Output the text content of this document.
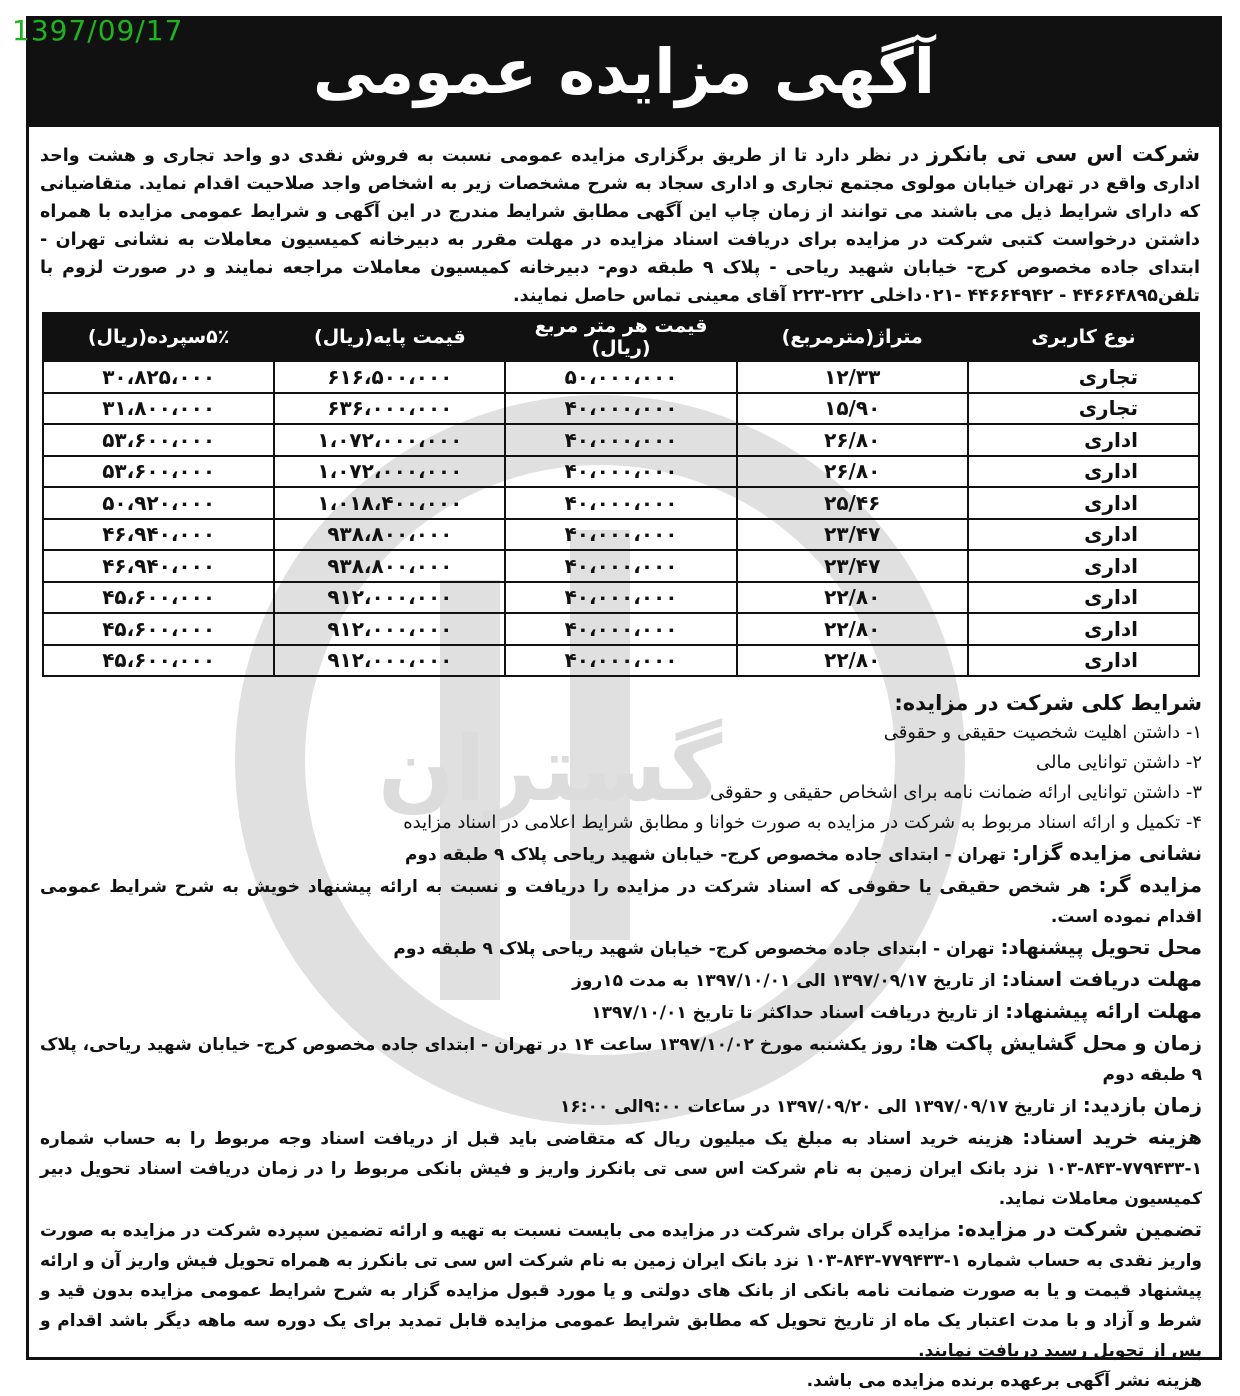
1397/09/17
آگهی مزایده عمومی
گستران
شرکت اس سی تی بانکرز در نظر دارد تا از طریق برگزاری مزایده عمومی نسبت به فروش نقدی دو واحد تجاری و هشت واحد اداری واقع در تهران خیابان مولوی مجتمع تجاری و اداری سجاد به شرح مشخصات زیر به اشخاص واجد صلاحیت اقدام نماید. متقاضیانی که دارای شرایط ذیل می باشند می توانند از زمان چاپ این آگهی مطابق شرایط مندرج در این آگهی و شرایط عمومی مزایده با همراه داشتن درخواست کتبی شرکت در مزایده برای دریافت اسناد مزایده در مهلت مقرر به دبیرخانه کمیسیون معاملات به نشانی تهران - ابتدای جاده مخصوص کرج- خیابان شهید ریاحی - پلاک ۹ طبقه دوم- دبیرخانه کمیسیون معاملات مراجعه نمایند و در صورت لزوم با تلفن۴۴۶۶۴۸۹۵ - ۴۴۶۶۴۹۴۲ -۰۲۱داخلی ۲۲۲-۲۲۳ آقای معینی تماس حاصل نمایند.
نوع کاربری	متراژ(مترمربع)	قیمت هر متر مربع (ریال)	قیمت پایه(ریال)	۵٪سپرده(ریال)
تجاری	۱۲/۳۳	۵۰،۰۰۰،۰۰۰	۶۱۶،۵۰۰،۰۰۰	۳۰،۸۲۵،۰۰۰
تجاری	۱۵/۹۰	۴۰،۰۰۰،۰۰۰	۶۳۶،۰۰۰،۰۰۰	۳۱،۸۰۰،۰۰۰
اداری	۲۶/۸۰	۴۰،۰۰۰،۰۰۰	۱،۰۷۲،۰۰۰،۰۰۰	۵۳،۶۰۰،۰۰۰
اداری	۲۶/۸۰	۴۰،۰۰۰،۰۰۰	۱،۰۷۲،۰۰۰،۰۰۰	۵۳،۶۰۰،۰۰۰
اداری	۲۵/۴۶	۴۰،۰۰۰،۰۰۰	۱،۰۱۸،۴۰۰،۰۰۰	۵۰،۹۲۰،۰۰۰
اداری	۲۳/۴۷	۴۰،۰۰۰،۰۰۰	۹۳۸،۸۰۰،۰۰۰	۴۶،۹۴۰،۰۰۰
اداری	۲۳/۴۷	۴۰،۰۰۰،۰۰۰	۹۳۸،۸۰۰،۰۰۰	۴۶،۹۴۰،۰۰۰
اداری	۲۲/۸۰	۴۰،۰۰۰،۰۰۰	۹۱۲،۰۰۰،۰۰۰	۴۵،۶۰۰،۰۰۰
اداری	۲۲/۸۰	۴۰،۰۰۰،۰۰۰	۹۱۲،۰۰۰،۰۰۰	۴۵،۶۰۰،۰۰۰
اداری	۲۲/۸۰	۴۰،۰۰۰،۰۰۰	۹۱۲،۰۰۰،۰۰۰	۴۵،۶۰۰،۰۰۰

شرایط کلی شرکت در مزایده:

۱- داشتن اهلیت شخصیت حقیقی و حقوقی

۲- داشتن توانایی مالی

۳- داشتن توانایی ارائه ضمانت نامه برای اشخاص حقیقی و حقوقی

۴- تکمیل و ارائه اسناد مربوط به شرکت در مزایده به صورت خوانا و مطابق شرایط اعلامی در اسناد مزایده

نشانی مزایده گزار: تهران - ابتدای جاده مخصوص کرج- خیابان شهید ریاحی پلاک ۹ طبقه دوم

مزایده گر: هر شخص حقیقی یا حقوقی که اسناد شرکت در مزایده را دریافت و نسبت به ارائه پیشنهاد خویش به شرح شرایط عمومی اقدام نموده است.

محل تحویل پیشنهاد: تهران - ابتدای جاده مخصوص کرج- خیابان شهید ریاحی پلاک ۹ طبقه دوم

مهلت دریافت اسناد: از تاریخ ۱۳۹۷/۰۹/۱۷ الی ۱۳۹۷/۱۰/۰۱ به مدت ۱۵روز

مهلت ارائه پیشنهاد: از تاریخ دریافت اسناد حداکثر تا تاریخ ۱۳۹۷/۱۰/۰۱

زمان و محل گشایش پاکت ها: روز یکشنبه مورخ ۱۳۹۷/۱۰/۰۲ ساعت ۱۴ در تهران - ابتدای جاده مخصوص کرج- خیابان شهید ریاحی، پلاک ۹ طبقه دوم

زمان بازدید: از تاریخ ۱۳۹۷/۰۹/۱۷ الی ۱۳۹۷/۰۹/۲۰ در ساعات ۹:۰۰الی ۱۶:۰۰

هزینه خرید اسناد: هزینه خرید اسناد به مبلغ یک میلیون ریال که متقاضی باید قبل از دریافت اسناد وجه مربوط را به حساب شماره ۱-۷۷۹۴۳۳-۸۴۳-۱۰۳ نزد بانک ایران زمین به نام شرکت اس سی تی بانکرز واریز و فیش بانکی مربوط را در زمان دریافت اسناد تحویل دبیر کمیسیون معاملات نماید.

تضمین شرکت در مزایده: مزایده گران برای شرکت در مزایده می بایست نسبت به تهیه و ارائه تضمین سپرده شرکت در مزایده به صورت واریز نقدی به حساب شماره ۱-۷۷۹۴۳۳-۸۴۳-۱۰۳ نزد بانک ایران زمین به نام شرکت اس سی تی بانکرز به همراه تحویل فیش واریز آن و ارائه پیشنهاد قیمت و یا به صورت ضمانت نامه بانکی از بانک های دولتی و یا مورد قبول مزایده گزار به شرح شرایط عمومی مزایده بدون قید و شرط و آزاد و با مدت اعتبار یک ماه از تاریخ تحویل که مطابق شرایط عمومی مزایده قابل تمدید برای یک دوره سه ماهه دیگر باشد اقدام و پس از تحویل رسید دریافت نمایند.

هزینه نشر آگهی برعهده برنده مزایده می باشد.
